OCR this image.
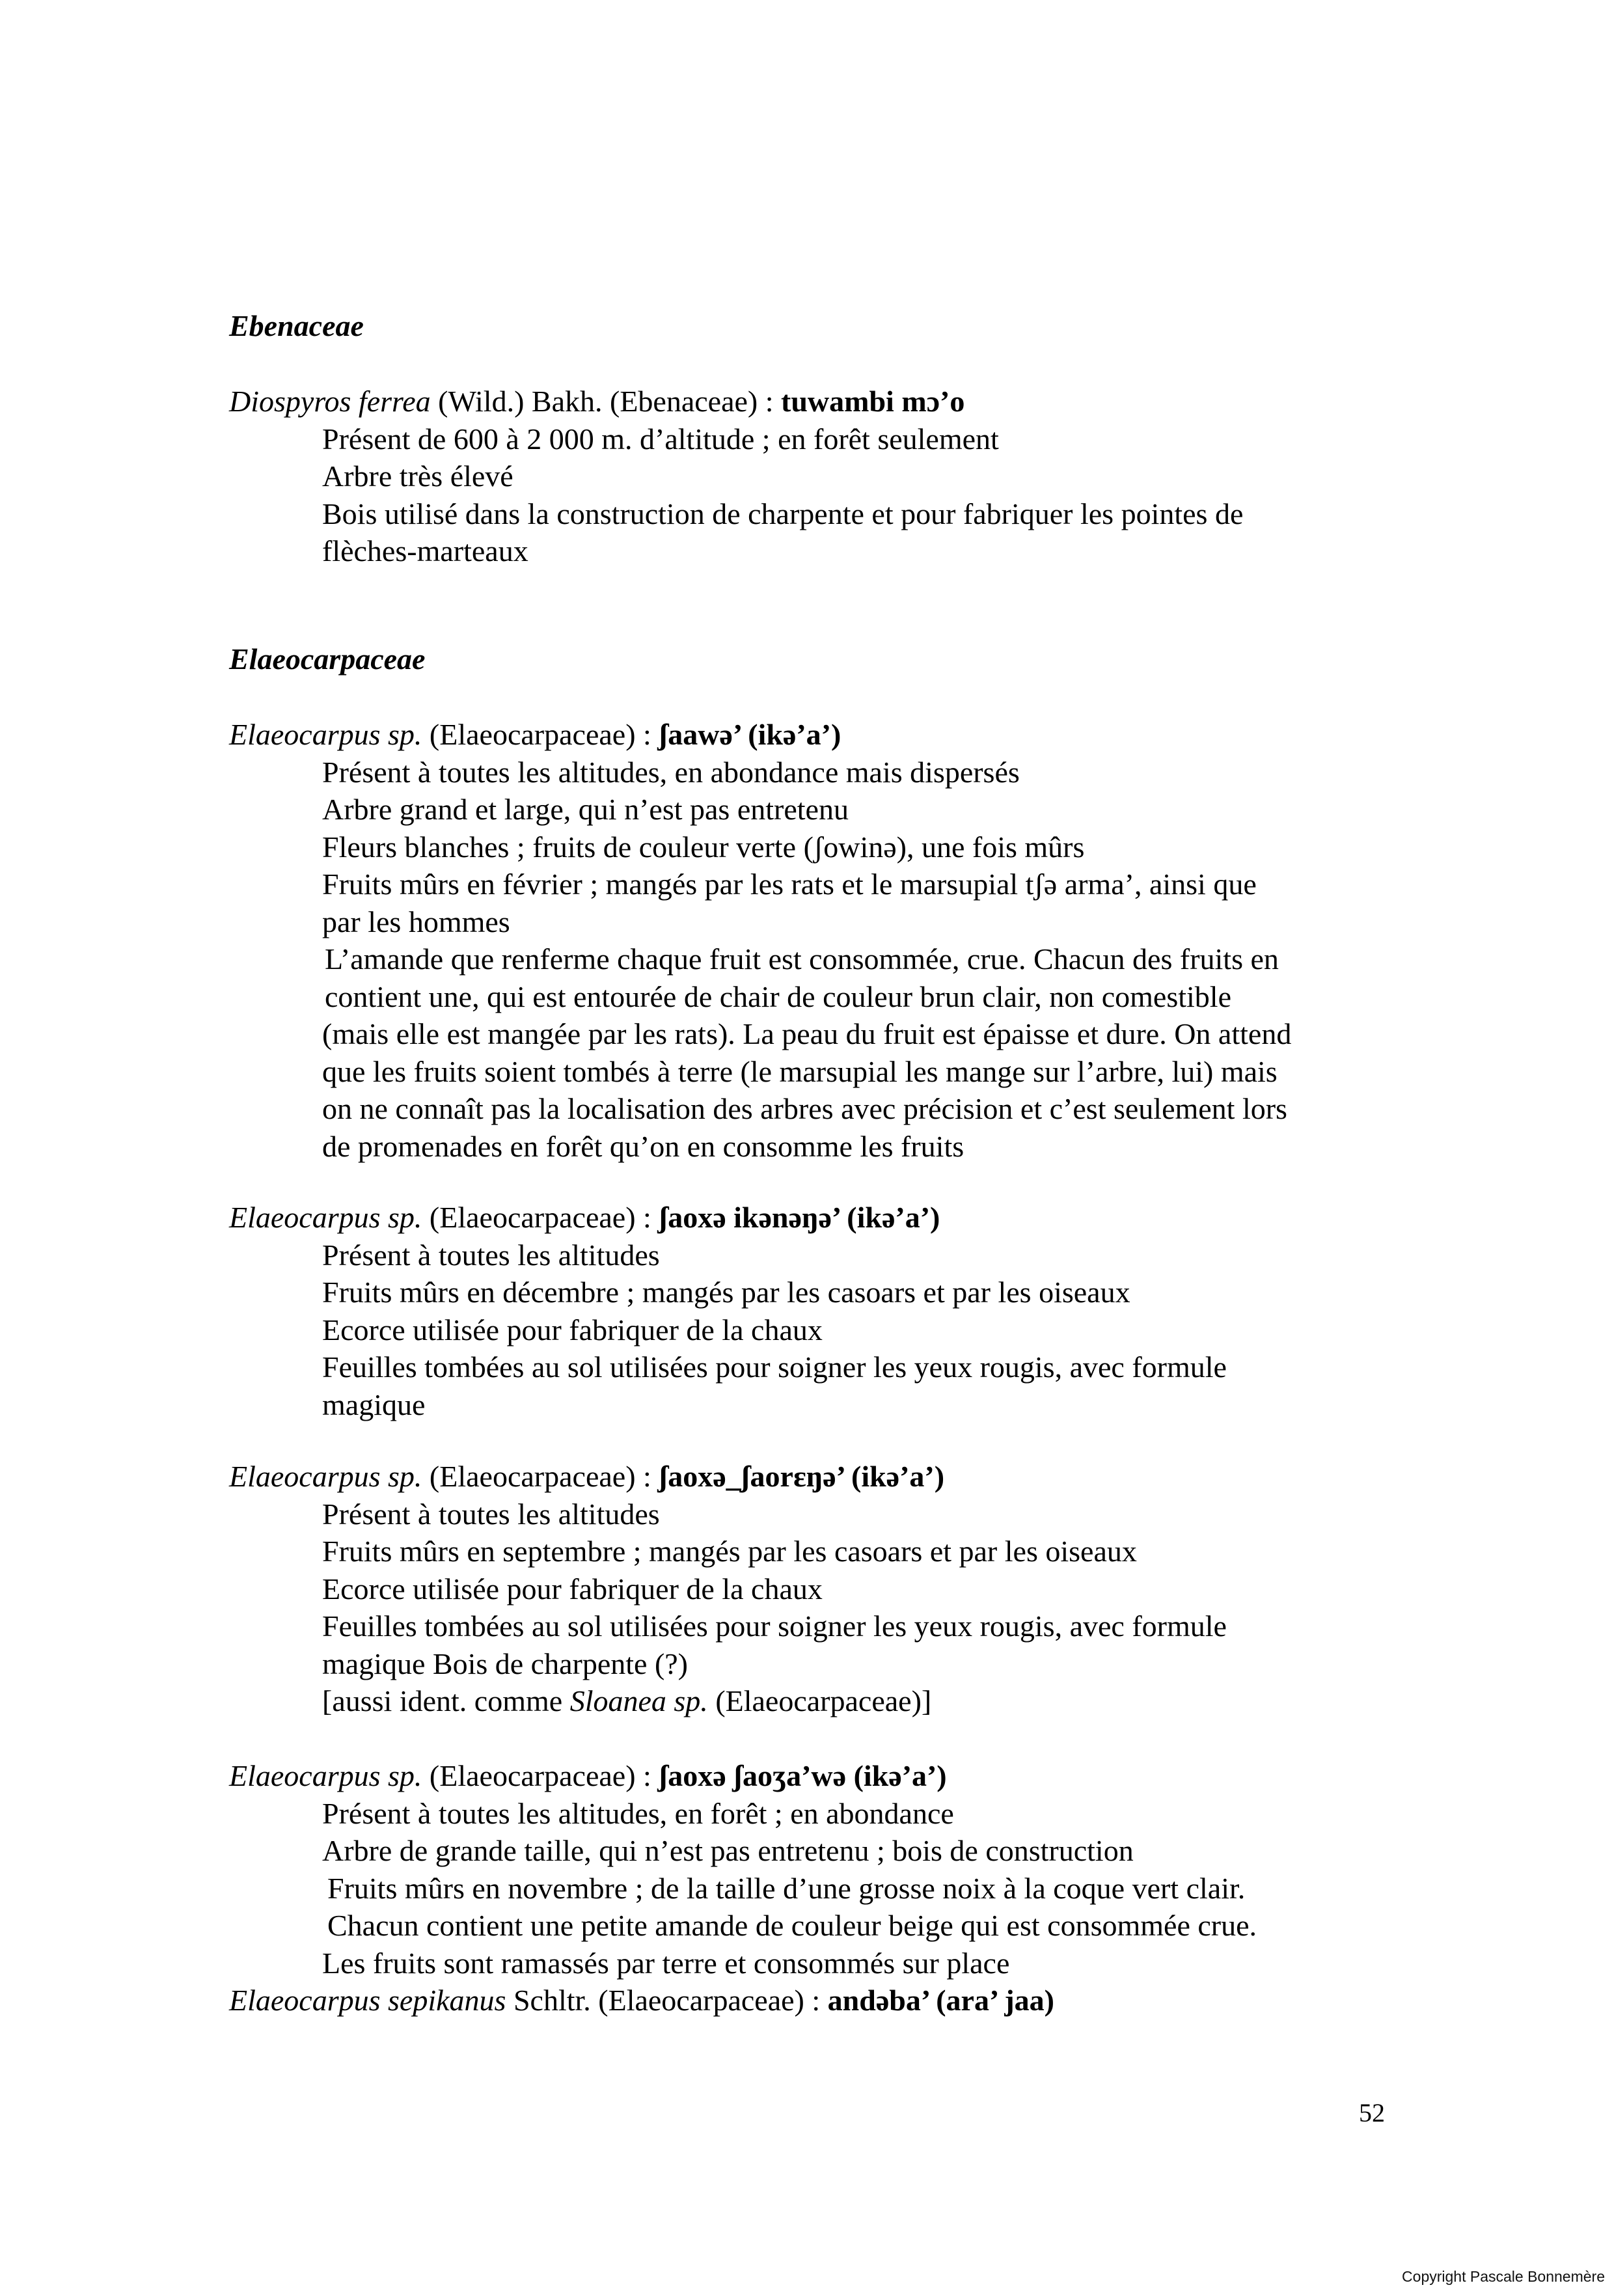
Ebenaceae
Diospyros ferrea (Wild.) Bakh. (Ebenaceae) : tuwambi mɔ’o
Présent de 600 à 2 000 m. d’altitude ; en forêt seulement
Arbre très élevé
Bois utilisé dans la construction de charpente et pour fabriquer les pointes de
flèches-marteaux
Elaeocarpaceae
Elaeocarpus sp. (Elaeocarpaceae) : ʃaawə’ (ikə’a’)
Présent à toutes les altitudes, en abondance mais dispersés
Arbre grand et large, qui n’est pas entretenu
Fleurs blanches ; fruits de couleur verte (ʃowinə), une fois mûrs
Fruits mûrs en février ; mangés par les rats et le marsupial tʃə arma’, ainsi que
par les hommes
L’amande que renferme chaque fruit est consommée, crue. Chacun des fruits en
contient une, qui est entourée de chair de couleur brun clair, non comestible
(mais elle est mangée par les rats). La peau du fruit est épaisse et dure. On attend
que les fruits soient tombés à terre (le marsupial les mange sur l’arbre, lui) mais
on ne connaît pas la localisation des arbres avec précision et c’est seulement lors
de promenades en forêt qu’on en consomme les fruits
Elaeocarpus sp. (Elaeocarpaceae) : ʃaoxə ikənəŋə’ (ikə’a’)
Présent à toutes les altitudes
Fruits mûrs en décembre ; mangés par les casoars et par les oiseaux
Ecorce utilisée pour fabriquer de la chaux
Feuilles tombées au sol utilisées pour soigner les yeux rougis, avec formule
magique
Elaeocarpus sp. (Elaeocarpaceae) : ʃaoxə_ʃaorɛŋə’ (ikə’a’)
Présent à toutes les altitudes
Fruits mûrs en septembre ; mangés par les casoars et par les oiseaux
Ecorce utilisée pour fabriquer de la chaux
Feuilles tombées au sol utilisées pour soigner les yeux rougis, avec formule
magique Bois de charpente (?)
[aussi ident. comme Sloanea sp. (Elaeocarpaceae)]
Elaeocarpus sp. (Elaeocarpaceae) : ʃaoxə ʃaoʒa’wə (ikə’a’)
Présent à toutes les altitudes, en forêt ; en abondance
Arbre de grande taille, qui n’est pas entretenu ; bois de construction
Fruits mûrs en novembre ; de la taille d’une grosse noix à la coque vert clair.
Chacun contient une petite amande de couleur beige qui est consommée crue.
Les fruits sont ramassés par terre et consommés sur place
Elaeocarpus sepikanus Schltr. (Elaeocarpaceae) : andəba’ (ara’ jaa)
52
Copyright Pascale Bonnemère
